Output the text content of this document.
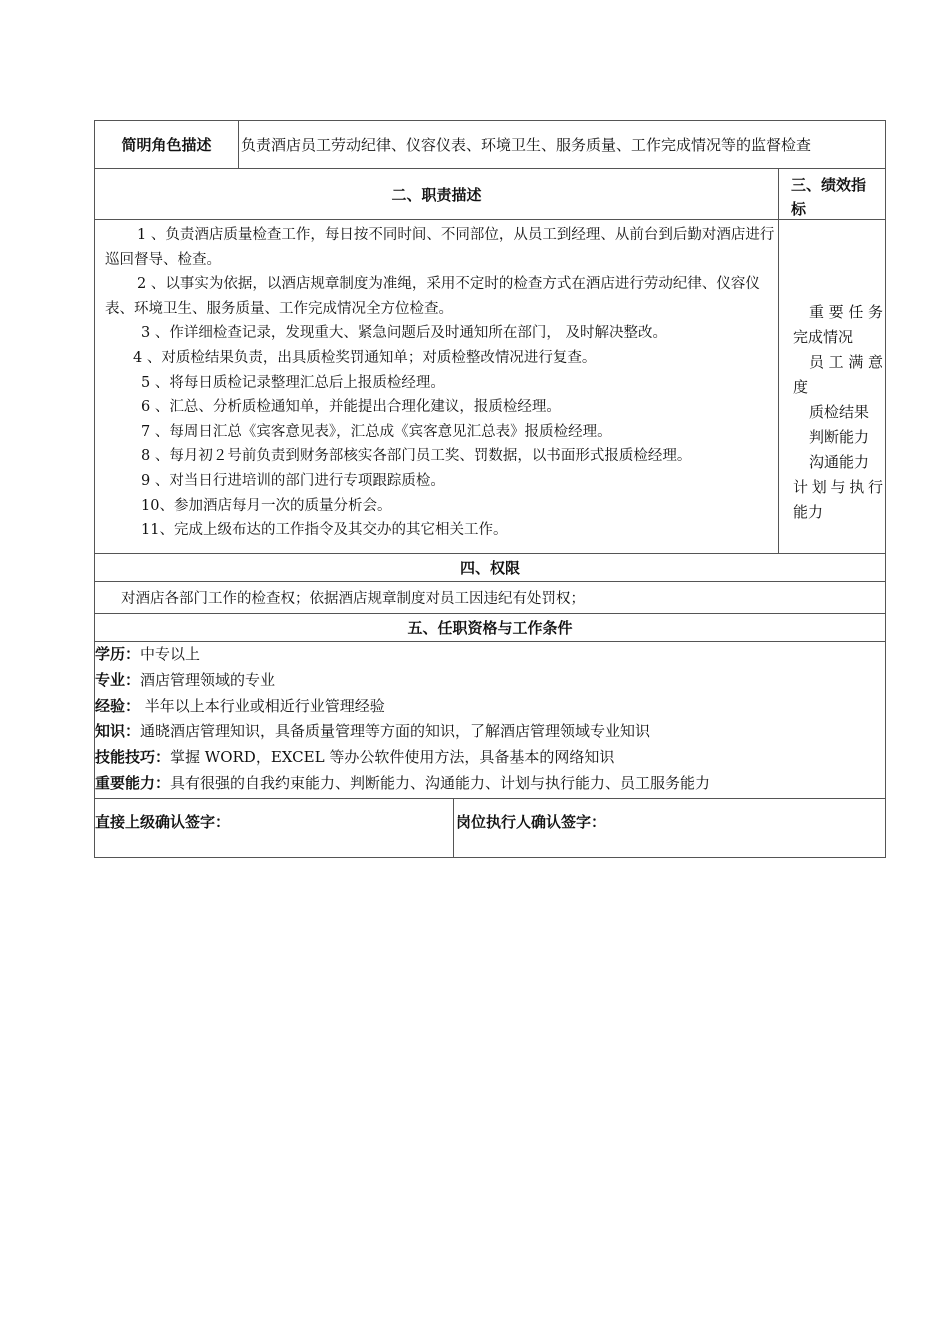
简明角色描述	负责酒店员工劳动纪律、仪容仪表、环境卫生、服务质量、工作完成情况等的监督检查
二、职责描述
三、绩效指标

1 、负责酒店质量检查工作，每日按不同时间、不同部位，从员工到经理、从前台到后勤对酒店进行巡回督导、检查。

2 、以事实为依据，以酒店规章制度为准绳，采用不定时的检查方式在酒店进行劳动纪律、仪容仪表、环境卫生、服务质量、工作完成情况全方位检查。

3 、作详细检查记录，发现重大、紧急问题后及时通知所在部门， 及时解决整改。

4 、对质检结果负责，出具质检奖罚通知单；对质检整改情况进行复查。

5 、将每日质检记录整理汇总后上报质检经理。

6 、汇总、分析质检通知单，并能提出合理化建议，报质检经理。

7 、每周日汇总《宾客意见表》，汇总成《宾客意见汇总表》报质检经理。

8 、每月初２号前负责到财务部核实各部门员工奖、罚数据，以书面形式报质检经理。

9 、对当日行进培训的部门进行专项跟踪质检。

10、参加酒店每月一次的质量分析会。

11、完成上级布达的工作指令及其交办的其它相关工作。

重要任务

完成情况

员工满意

度

质检结果

判断能力

沟通能力

计划与执行

能力

四、权限
对酒店各部门工作的检查权；依据酒店规章制度对员工因违纪有处罚权；
五、任职资格与工作条件

学历：中专以上

专业：酒店管理领域的专业

经验： 半年以上本行业或相近行业管理经验

知识：通晓酒店管理知识，具备质量管理等方面的知识，了解酒店管理领域专业知识

技能技巧：掌握 WORD，EXCEL 等办公软件使用方法，具备基本的网络知识

重要能力：具有很强的自我约束能力、判断能力、沟通能力、计划与执行能力、员工服务能力

直接上级确认签字：	岗位执行人确认签字：
